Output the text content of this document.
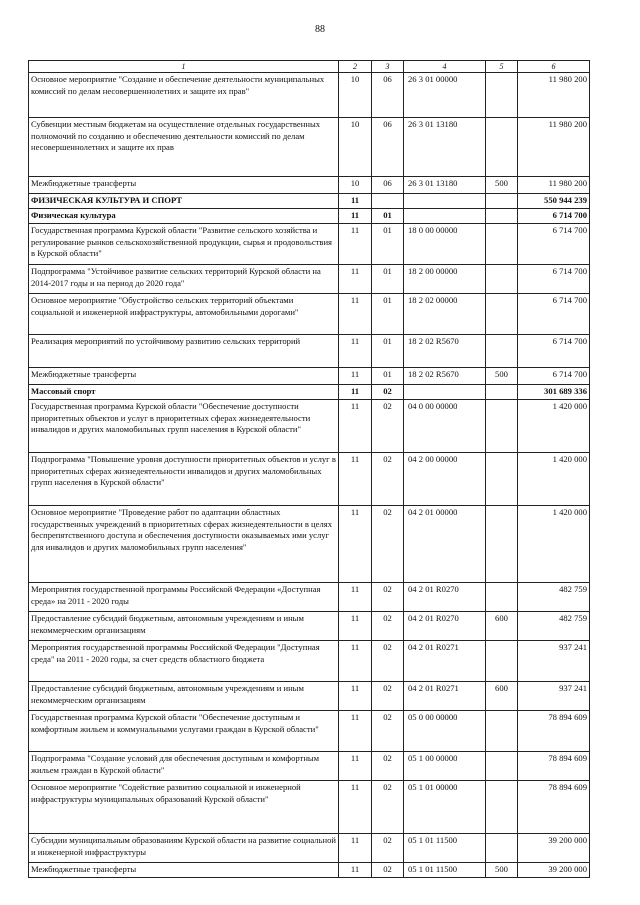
88
1	2	3	4	5	6
Основное мероприятие "Создание и обеспечение деятельности муниципальных комиссий по делам несовершеннолетних и защите их прав"	10	06	26 3 01 00000		11 980 200
Субвенции местным бюджетам на осуществление отдельных государственных полномочий по созданию и обеспечению деятельности комиссий по делам несовершеннолетних и защите их прав	10	06	26 3 01 13180		11 980 200
Межбюджетные трансферты	10	06	26 3 01 13180	500	11 980 200
ФИЗИЧЕСКАЯ КУЛЬТУРА И СПОРТ	11				550 944 239
Физическая культура	11	01			6 714 700
Государственная программа Курской области "Развитие сельского хозяйства и регулирование рынков сельскохозяйственной продукции, сырья и продовольствия в Курской области"	11	01	18 0 00 00000		6 714 700
Подпрограмма "Устойчивое развитие сельских территорий Курской области на 2014-2017 годы и на период до 2020 года"	11	01	18 2 00 00000		6 714 700
Основное мероприятие "Обустройство сельских территорий объектами социальной и инженерной инфраструктуры, автомобильными дорогами"	11	01	18 2 02 00000		6 714 700
Реализация мероприятий по устойчивому развитию сельских территорий	11	01	18 2 02 R5670		6 714 700
Межбюджетные трансферты	11	01	18 2 02 R5670	500	6 714 700
Массовый спорт	11	02			301 689 336
Государственная программа Курской области "Обеспечение доступности приоритетных объектов и услуг в приоритетных сферах жизнедеятельности инвалидов и других маломобильных групп населения в Курской области"	11	02	04 0 00 00000		1 420 000
Подпрограмма "Повышение уровня доступности приоритетных объектов и услуг в приоритетных сферах жизнедеятельности инвалидов и других маломобильных групп населения в Курской области"	11	02	04 2 00 00000		1 420 000
Основное мероприятие "Проведение работ по адаптации областных государственных учреждений в приоритетных сферах жизнедеятельности в целях беспрепятственного доступа и обеспечения доступности оказываемых ими услуг для инвалидов и других маломобильных групп населения"	11	02	04 2 01 00000		1 420 000
Мероприятия государственной программы Российской Федерации «Доступная среда» на 2011 - 2020 годы	11	02	04 2 01 R0270		482 759
Предоставление субсидий бюджетным, автономным учреждениям и иным некоммерческим организациям	11	02	04 2 01 R0270	600	482 759
Мероприятия государственной программы Российской Федерации "Доступная среда" на 2011 - 2020 годы, за счет средств областного бюджета	11	02	04 2 01 R0271		937 241
Предоставление субсидий бюджетным, автономным учреждениям и иным некоммерческим организациям	11	02	04 2 01 R0271	600	937 241
Государственная программа Курской области "Обеспечение доступным и комфортным жильем и коммунальными услугами граждан в Курской области"	11	02	05 0 00 00000		78 894 609
Подпрограмма "Создание условий для обеспечения доступным и комфортным жильем граждан в Курской области"	11	02	05 1 00 00000		78 894 609
Основное мероприятие "Содействие развитию социальной и инженерной инфраструктуры муниципальных образований Курской области"	11	02	05 1 01 00000		78 894 609
Субсидии муниципальным образованиям Курской области на развитие социальной и инженерной инфраструктуры	11	02	05 1 01 11500		39 200 000
Межбюджетные трансферты	11	02	05 1 01 11500	500	39 200 000
